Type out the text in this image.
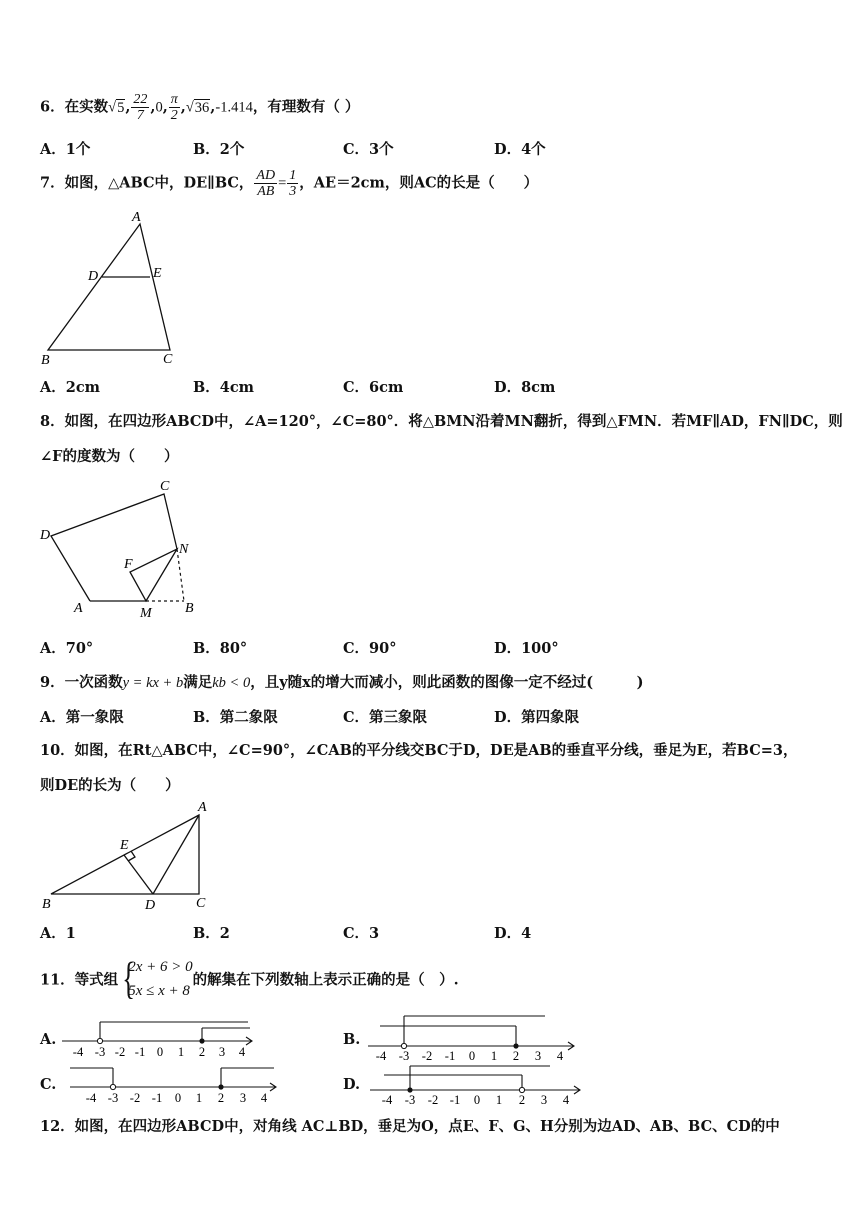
6．在实数√5, $\frac{22}{7} ,0$, $\frac{\pi}{2} ,√36,-1.414$，有理数有（ ）
A．1个	B．2个	C．3个	D．4个
7．如图，△ABC中，DE∥BC， $\frac{AD}{AB} = \frac{1}{3}$ ，AE＝2cm，则AC的长是（　　）
A
D	E
B	C
A．2cm	B．4cm	C．6cm	D．8cm
8．如图，在四边形ABCD中，∠A=120°，∠C=80°．将△BMN沿着MN翻折，得到△FMN．若MF∥AD，FN∥DC，则
∠F的度数为（　　）
C
D
N
F
A	M B
A．70°	B．80°	C．90°	D．100°
9．一次函数y = kx + b满足kb < 0，且y随x的增大而减小，则此函数的图像一定不经过(　　　)
A．第一象限	B．第二象限	C．第三象限	D．第四象限
10．如图，在Rt△ABC中，∠C=90°，∠CAB的平分线交BC于D，DE是AB的垂直平分线，垂足为E，若BC=3，
则DE的长为（　　）
A
E
B	D	C
A．1	B．2	C．3	D．4
11．等式组 {
2x + 6 > 0
5x ≤ x + 8
的解集在下列数轴上表示正确的是（　）.
A.	B.
C.	D.
-4 -3 -2 -1 0 1 2 3 4	-4 -3 -2 -1 0 1 2 3 4
-4 -3 -2 -1 0 1 2 3 4	-4 -3 -2 -1 0 1 2 3 4
12．如图，在四边形ABCD中，对角线 AC⊥BD，垂足为O，点E、F、G、H分别为边AD、AB、BC、CD的中
